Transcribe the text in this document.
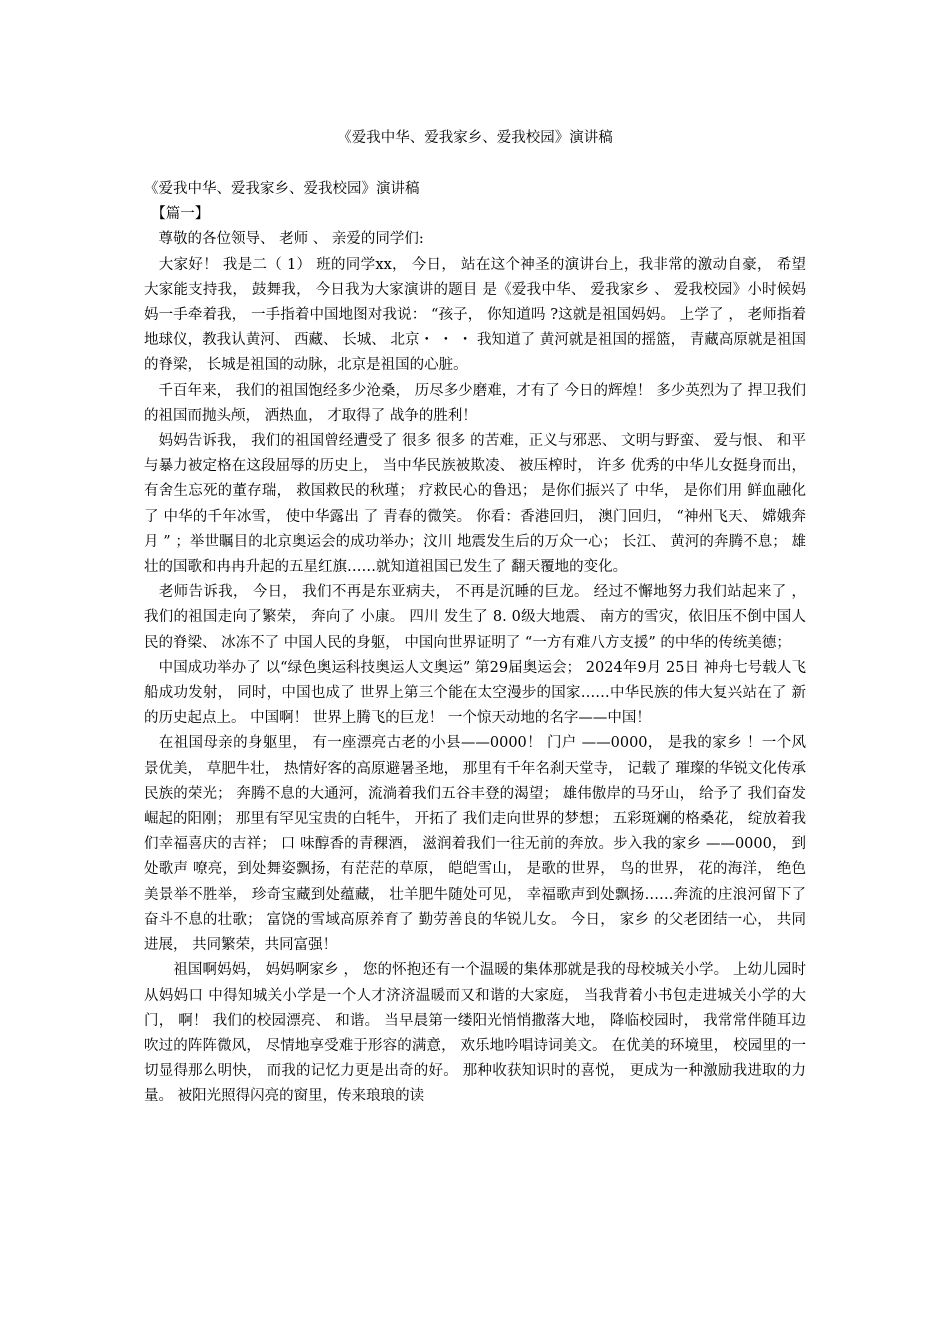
《爱我中华、爱我家乡、爱我校园》演讲稿

《爱我中华、爱我家乡、爱我校园》演讲稿

　【篇一】

　尊敬的各位领导、 老师 、 亲爱的同学们:

　大家好！ 我是二（ 1） 班的同学xx， 今日， 站在这个神圣的演讲台上，我非常的激动自豪， 希望大家能支持我， 鼓舞我， 今日我为大家演讲的题目 是《爱我中华、 爱我家乡 、 爱我校园》小时候妈妈一手牵着我， 一手指着中国地图对我说： “孩子， 你知道吗 ?这就是祖国妈妈。 上学了 ， 老师指着地球仪，教我认黄河、 西藏、 长城、 北京・ ・ ・ 我知道了 黄河就是祖国的摇篮， 青藏高原就是祖国的脊梁， 长城是祖国的动脉，北京是祖国的心脏。

　千百年来， 我们的祖国饱经多少沧桑， 历尽多少磨难，才有了 今日的辉煌！ 多少英烈为了 捍卫我们的祖国而抛头颅， 洒热血， 才取得了 战争的胜利！

　妈妈告诉我， 我们的祖国曾经遭受了 很多 很多 的苦难，正义与邪恶、 文明与野蛮、 爱与恨、 和平与暴力被定格在这段屈辱的历史上， 当中华民族被欺凌、 被压榨时， 许多 优秀的中华儿女挺身而出， 有舍生忘死的董存瑞， 救国救民的秋瑾； 疗救民心的鲁迅； 是你们振兴了 中华， 是你们用 鲜血融化了 中华的千年冰雪， 使中华露出 了 青春的微笑。 你看：香港回归， 澳门回归， “神州飞天、 嫦娥奔月 ” ；举世瞩目的北京奥运会的成功举办；汶川 地震发生后的万众一心； 长江、 黄河的奔腾不息； 雄壮的国歌和冉冉升起的五星红旗……就知道祖国已发生了 翻天覆地的变化。

　老师告诉我， 今日， 我们不再是东亚病夫， 不再是沉睡的巨龙。 经过不懈地努力我们站起来了 ， 我们的祖国走向了繁荣， 奔向了 小康。 四川 发生了 8. 0级大地震、 南方的雪灾，依旧压不倒中国人民的脊梁、 冰冻不了 中国人民的身躯， 中国向世界证明了 “一方有难八方支援” 的中华的传统美德；

　中国成功举办了 以“绿色奥运科技奥运人文奥运” 第29届奥运会； 2024年9月 25日 神舟七号载人飞船成功发射， 同时，中国也成了 世界上第三个能在太空漫步的国家……中华民族的伟大复兴站在了 新的历史起点上。 中国啊！ 世界上腾飞的巨龙！ 一个惊天动地的名字——中国！

　在祖国母亲的身躯里， 有一座漂亮古老的小县——0000！ 门户 ——0000， 是我的家乡 ！一个风景优美， 草肥牛壮， 热情好客的高原避暑圣地， 那里有千年名刹天堂寺， 记载了 璀璨的华锐文化传承民族的荣光； 奔腾不息的大通河，流淌着我们五谷丰登的渴望； 雄伟傲岸的马牙山， 给予了 我们奋发崛起的阳刚； 那里有罕见宝贵的白牦牛， 开拓了 我们走向世界的梦想； 五彩斑斓的格桑花， 绽放着我们幸福喜庆的吉祥； 口 味醇香的青稞酒， 滋润着我们一往无前的奔放。步入我的家乡 ——0000， 到处歌声 嘹亮，到处舞姿飘扬，有茫茫的草原， 皑皑雪山， 是歌的世界， 鸟的世界， 花的海洋， 绝色美景举不胜举， 珍奇宝藏到处蕴藏， 壮羊肥牛随处可见， 幸福歌声到处飘扬……奔流的庄浪河留下了 奋斗不息的壮歌； 富饶的雪域高原养育了 勤劳善良的华锐儿女。 今日， 家乡 的父老团结一心， 共同进展， 共同繁荣，共同富强！

　　祖国啊妈妈， 妈妈啊家乡 ， 您的怀抱还有一个温暖的集体那就是我的母校城关小学。 上幼儿园时从妈妈口 中得知城关小学是一个人才济济温暖而又和谐的大家庭， 当我背着小书包走进城关小学的大门， 啊！ 我们的校园漂亮、 和谐。 当早晨第一缕阳光悄悄撒落大地， 降临校园时， 我常常伴随耳边吹过的阵阵微风， 尽情地享受难于形容的满意， 欢乐地吟唱诗词美文。 在优美的环境里， 校园里的一切显得那么明快， 而我的记忆力更是出奇的好。 那种收获知识时的喜悦， 更成为一种激励我进取的力量。 被阳光照得闪亮的窗里，传来琅琅的读
